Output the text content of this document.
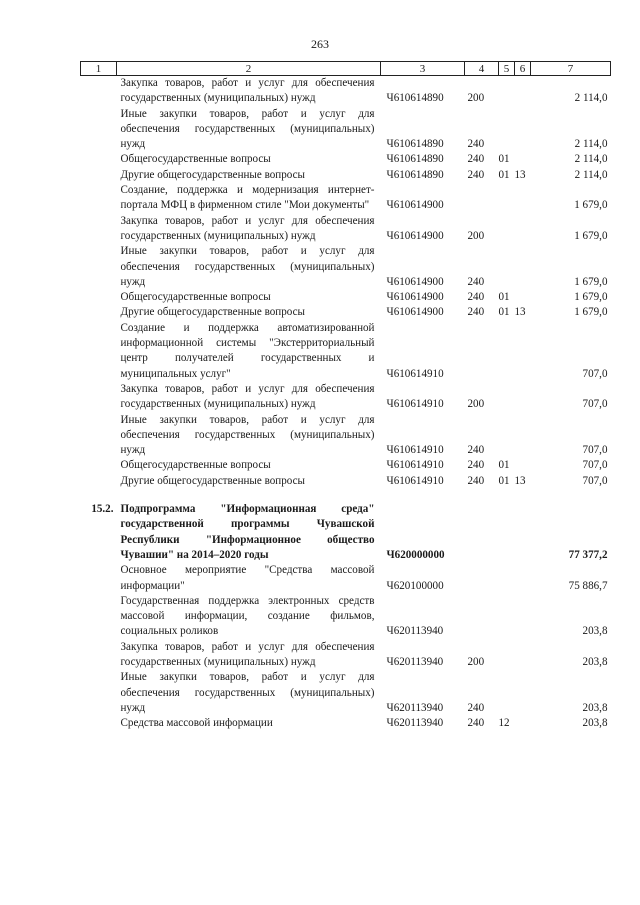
263
1	2	3	4	5	6	7
	Закупка товаров, работ и услуг для обеспечения государственных (муниципальных) нужд	Ч610614890	200			2 114,0
	Иные закупки товаров, работ и услуг для обеспечения государственных (муниципальных) нужд	Ч610614890	240			2 114,0
	Общегосударственные вопросы	Ч610614890	240	01		2 114,0
	Другие общегосударственные вопросы	Ч610614890	240	01	13	2 114,0
	Создание, поддержка и модернизация интернет-портала МФЦ в фирменном стиле "Мои документы"	Ч610614900				1 679,0
	Закупка товаров, работ и услуг для обеспечения государственных (муниципальных) нужд	Ч610614900	200			1 679,0
	Иные закупки товаров, работ и услуг для обеспечения государственных (муниципальных) нужд	Ч610614900	240			1 679,0
	Общегосударственные вопросы	Ч610614900	240	01		1 679,0
	Другие общегосударственные вопросы	Ч610614900	240	01	13	1 679,0
	Создание и поддержка автоматизированной информационной системы "Экстерриториальный центр получателей государственных и муниципальных услуг"	Ч610614910				707,0
	Закупка товаров, работ и услуг для обеспечения государственных (муниципальных) нужд	Ч610614910	200			707,0
	Иные закупки товаров, работ и услуг для обеспечения государственных (муниципальных) нужд	Ч610614910	240			707,0
	Общегосударственные вопросы	Ч610614910	240	01		707,0
	Другие общегосударственные вопросы	Ч610614910	240	01	13	707,0

15.2.	Подпрограмма "Информационная среда" государственной программы Чувашской Республики "Информационное общество Чувашии" на 2014–2020 годы	Ч620000000				77 377,2
	Основное мероприятие "Средства массовой информации"	Ч620100000				75 886,7
	Государственная поддержка электронных средств массовой информации, создание фильмов, социальных роликов	Ч620113940				203,8
	Закупка товаров, работ и услуг для обеспечения государственных (муниципальных) нужд	Ч620113940	200			203,8
	Иные закупки товаров, работ и услуг для обеспечения государственных (муниципальных) нужд	Ч620113940	240			203,8
	Средства массовой информации	Ч620113940	240	12		203,8
